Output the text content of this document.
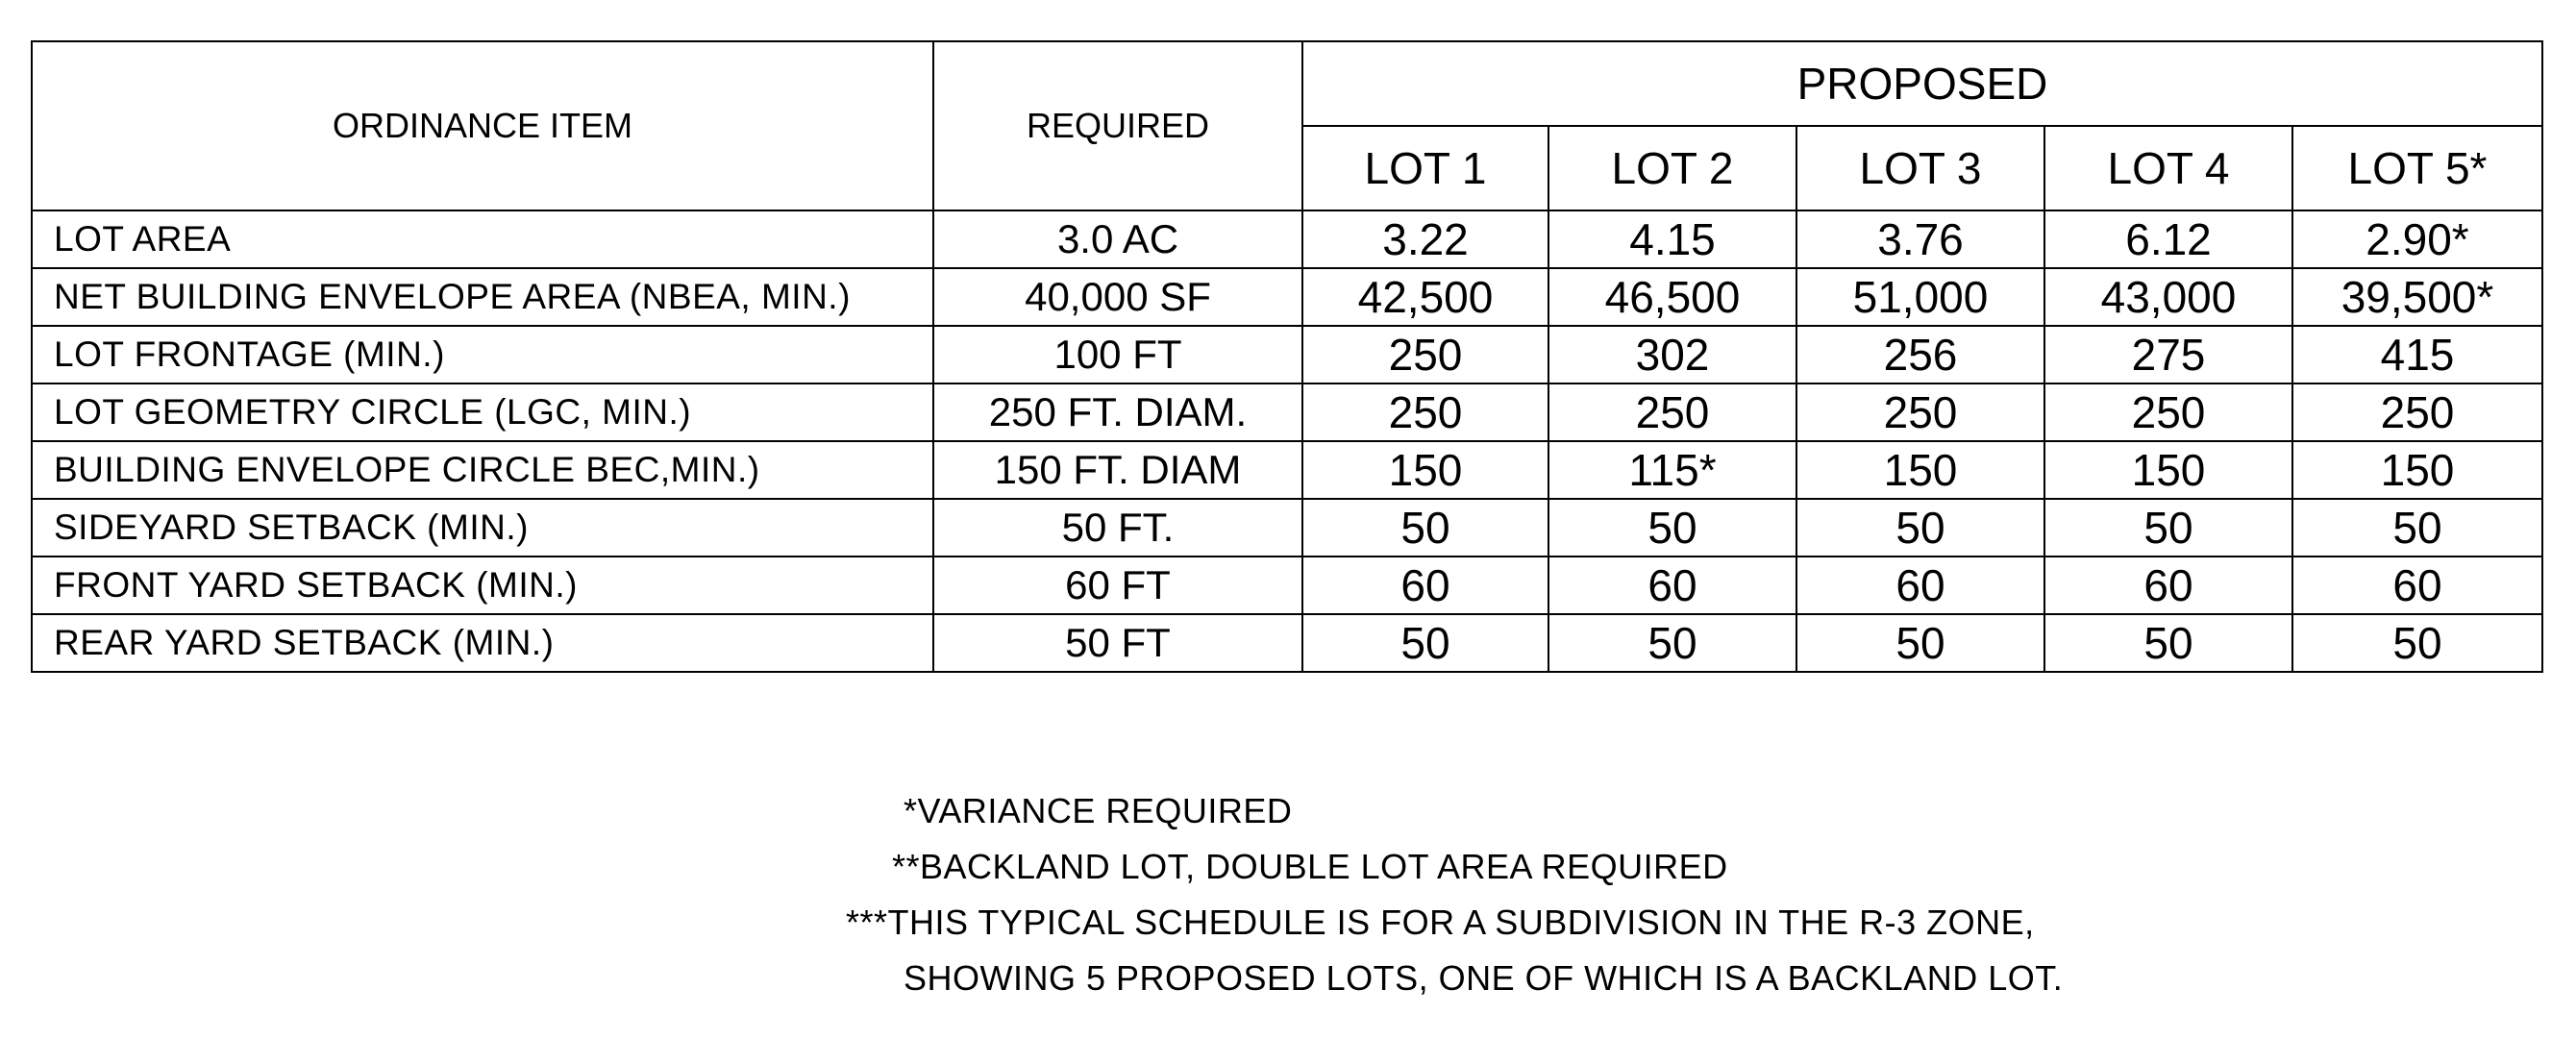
ORDINANCE ITEM	REQUIRED	PROPOSED				
		LOT 1	LOT 2	LOT 3	LOT 4	LOT 5*
LOT AREA	3.0 AC	3.22	4.15	3.76	6.12	2.90*
NET BUILDING ENVELOPE AREA (NBEA, MIN.)	40,000 SF	42,500	46,500	51,000	43,000	39,500*
LOT FRONTAGE (MIN.)	100 FT	250	302	256	275	415
LOT GEOMETRY CIRCLE (LGC, MIN.)	250 FT. DIAM.	250	250	250	250	250
BUILDING ENVELOPE CIRCLE BEC,MIN.)	150 FT. DIAM	150	115*	150	150	150
SIDEYARD SETBACK (MIN.)	50 FT.	50	50	50	50	50
FRONT YARD SETBACK (MIN.)	60 FT	60	60	60	60	60
REAR YARD SETBACK (MIN.)	50 FT	50	50	50	50	50
*VARIANCE REQUIRED
**BACKLAND LOT, DOUBLE LOT AREA REQUIRED
***THIS TYPICAL SCHEDULE IS FOR A SUBDIVISION IN THE R-3 ZONE,
SHOWING 5 PROPOSED LOTS, ONE OF WHICH IS A BACKLAND LOT.
